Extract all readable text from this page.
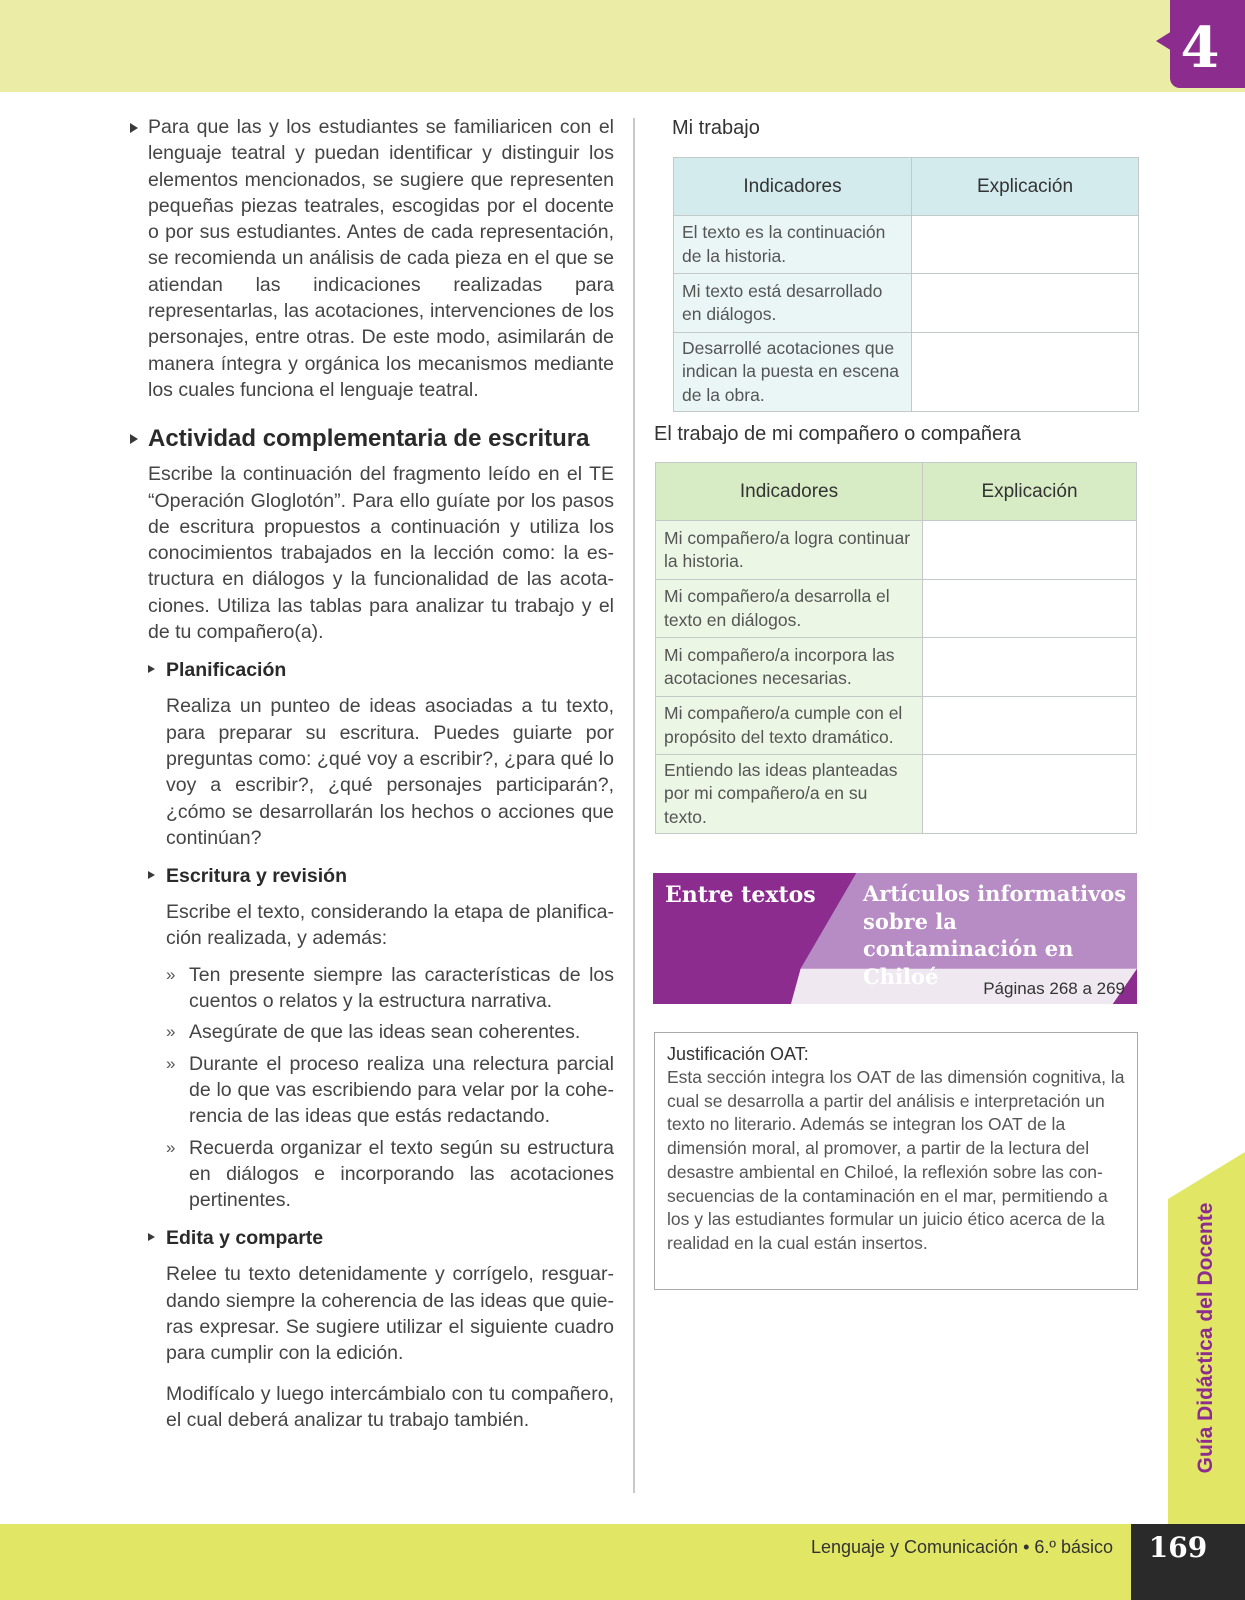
4

Para que las y los estudiantes se familiaricen con el lenguaje teatral y puedan identificar y distinguir los elementos mencionados, se sugiere que representen pequeñas piezas teatrales, escogidas por el docente o por sus estudiantes. Antes de cada representación, se recomienda un análisis de cada pieza en el que se atiendan las indicaciones realizadas para representarlas, las acotaciones, intervenciones de los personajes, entre otras. De este modo, asimilarán de manera íntegra y orgánica los mecanismos mediante los cuales funciona el lenguaje teatral.

Actividad complementaria de escritura

Escribe la continuación del fragmento leído en el TE “Operación Gloglotón”. Para ello guíate por los pasos de escritura propuestos a continuación y utiliza los conocimientos trabajados en la lección como: la estructura en diálogos y la funcionalidad de las acotaciones. Utiliza las tablas para analizar tu trabajo y el de tu compañero(a).

Planificación

Realiza un punteo de ideas asociadas a tu texto, para preparar su escritura. Puedes guiarte por preguntas como: ¿qué voy a escribir?, ¿para qué lo voy a escribir?, ¿qué personajes participarán?, ¿cómo se desarrollarán los hechos o acciones que continúan?

Escritura y revisión

Escribe el texto, considerando la etapa de planificación realizada, y además:

» Ten presente siempre las características de los cuentos o relatos y la estructura narrativa.
» Asegúrate de que las ideas sean coherentes.
» Durante el proceso realiza una relectura parcial de lo que vas escribiendo para velar por la coherencia de las ideas que estás redactando.
» Recuerda organizar el texto según su estructura en diálogos e incorporando las acotaciones pertinentes.
Edita y comparte

Relee tu texto detenidamente y corrígelo, resguardando siempre la coherencia de las ideas que quieras expresar. Se sugiere utilizar el siguiente cuadro para cumplir con la edición.

Modifícalo y luego intercámbialo con tu compañero, el cual deberá analizar tu trabajo también.

Mi trabajo
Indicadores	Explicación
El texto es la continuación de la historia.	
Mi texto está desarrollado en diálogos.	
Desarrollé acotaciones que indican la puesta en escena de la obra.	
El trabajo de mi compañero o compañera
Indicadores	Explicación
Mi compañero/a logra continuar la historia.	
Mi compañero/a desarrolla el texto en diálogos.	
Mi compañero/a incorpora las acotaciones necesarias.	
Mi compañero/a cumple con el propósito del texto dramático.	
Entiendo las ideas planteadas por mi compañero/a en su texto.	
Entre textos Artículos informativos sobre la contaminación en Chiloé	Páginas 268 a 269
Justificación OAT:

Esta sección integra los OAT de las dimensión cognitiva, la cual se desarrolla a partir del análisis e interpretación un texto no literario. Además se integran los OAT de la dimensión moral, al promover, a partir de la lectura del desastre ambiental en Chiloé, la reflexión sobre las consecuencias de la contaminación en el mar, permitiendo a los y las estudiantes formular un juicio ético acerca de la realidad en la cual están insertos.	Guía Didáctica del Docente
Lenguaje y Comunicación • 6.º básico	169
